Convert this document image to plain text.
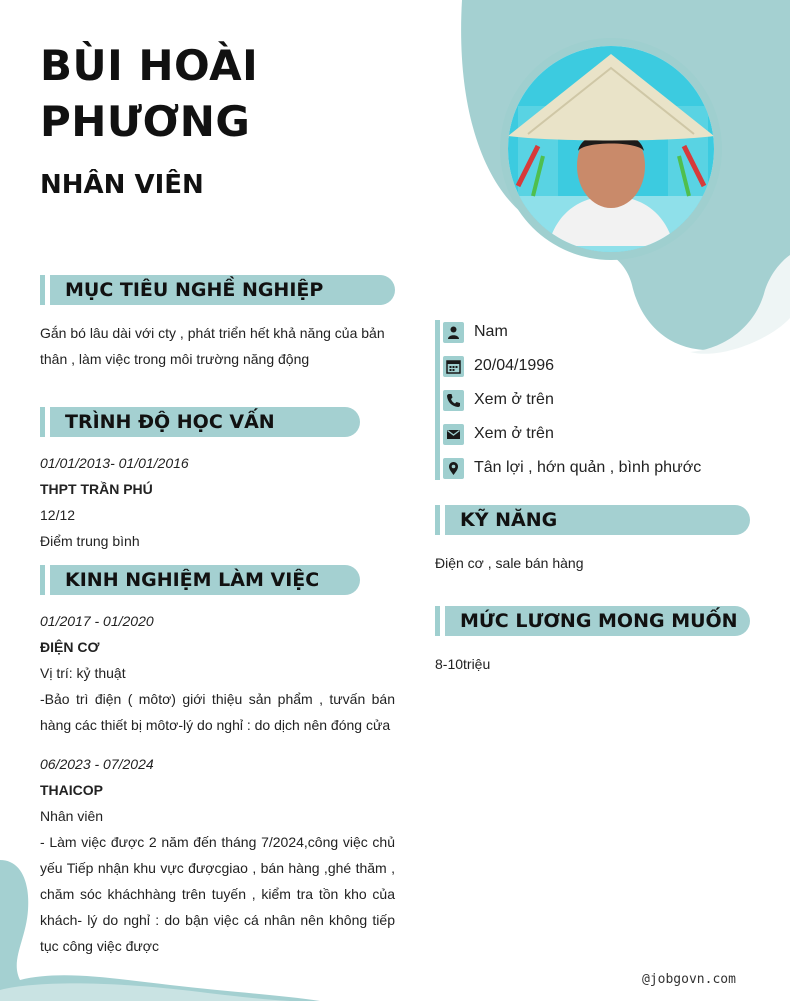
BÙI HOÀI PHƯƠNG
NHÂN VIÊN
MỤC TIÊU NGHỀ NGHIỆP
Gắn bó lâu dài với cty , phát triển hết khả năng của bản thân , làm việc trong môi trường năng động
TRÌNH ĐỘ HỌC VẤN
01/01/2013- 01/01/2016
THPT TRẦN PHÚ
12/12
Điểm trung bình
KINH NGHIỆM LÀM VIỆC
01/2017 - 01/2020
ĐIỆN CƠ
Vị trí: kỷ thuật
-Bảo trì điện ( môtơ) giới thiệu sản phẩm , tưvấn bán hàng các thiết bị môtơ-lý do nghỉ : do dịch nên đóng cửa
06/2023 - 07/2024
THAICOP
Nhân viên
- Làm việc được 2 năm đến tháng 7/2024,công việc chủ yếu Tiếp nhận khu vực đượcgiao , bán hàng ,ghé thăm , chăm sóc kháchhàng trên tuyến , kiểm tra tồn kho của khách- lý do nghỉ : do bận việc cá nhân nên không tiếp tục công việc được
Nam
20/04/1996
Xem ở trên
Xem ở trên
Tân lợi , hớn quản , bình phước
KỸ NĂNG
Điện cơ , sale bán hàng
MỨC LƯƠNG MONG MUỐN
8-10triệu
@jobgovn.com
